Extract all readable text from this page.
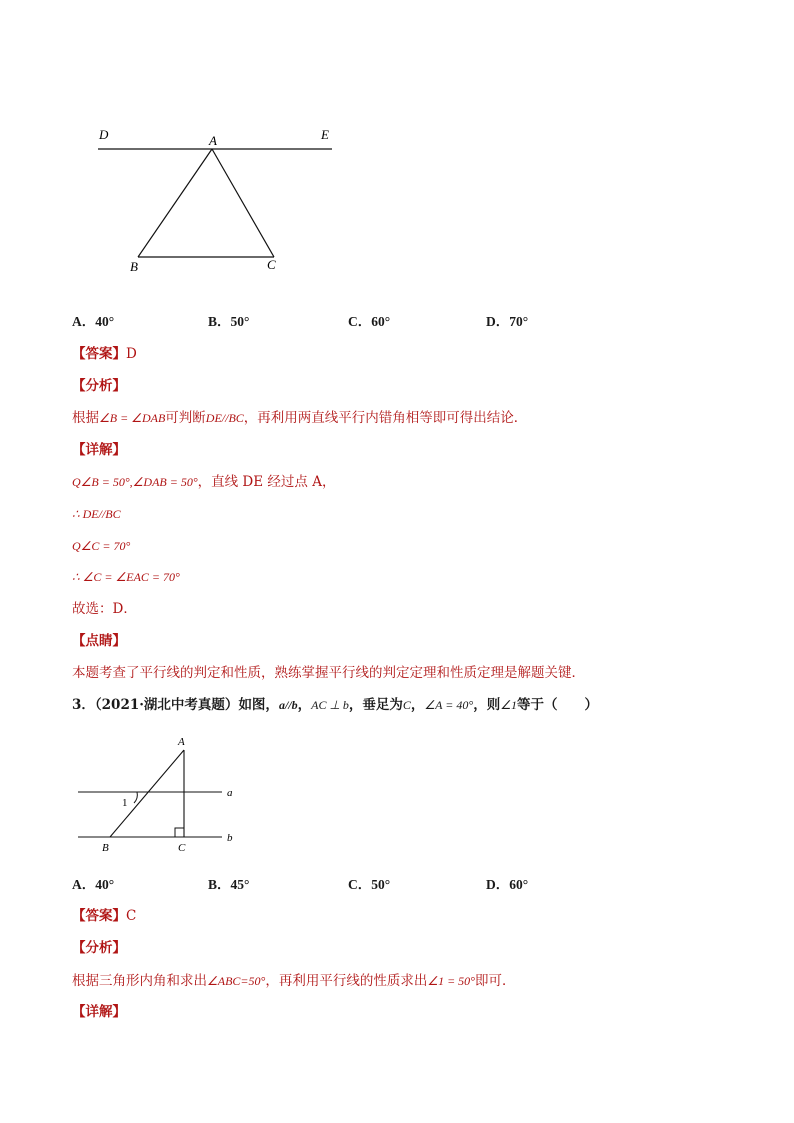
D	A	E
B	C
A．40°	B．50°	C．60°	D．70°
【答案】D
【分析】
根据∠B = ∠DAB可判断DE//BC，再利用两直线平行内错角相等即可得出结论．
【详解】
Q∠B = 50°,∠DAB = 50°，直线 DE 经过点 A，
∴ DE//BC
Q∠C = 70°
∴ ∠C = ∠EAC = 70°
故选：D．
【点睛】
本题考查了平行线的判定和性质，熟练掌握平行线的判定定理和性质定理是解题关键．
3．（2021·湖北中考真题）如图，a//b，AC ⊥ b，垂足为C，∠A = 40°，则∠1等于（　　）
A
a
1
b
B	C
A．40°	B．45°	C．50°	D．60°
【答案】C
【分析】
根据三角形内角和求出∠ABC=50°，再利用平行线的性质求出∠1 = 50°即可．
【详解】
